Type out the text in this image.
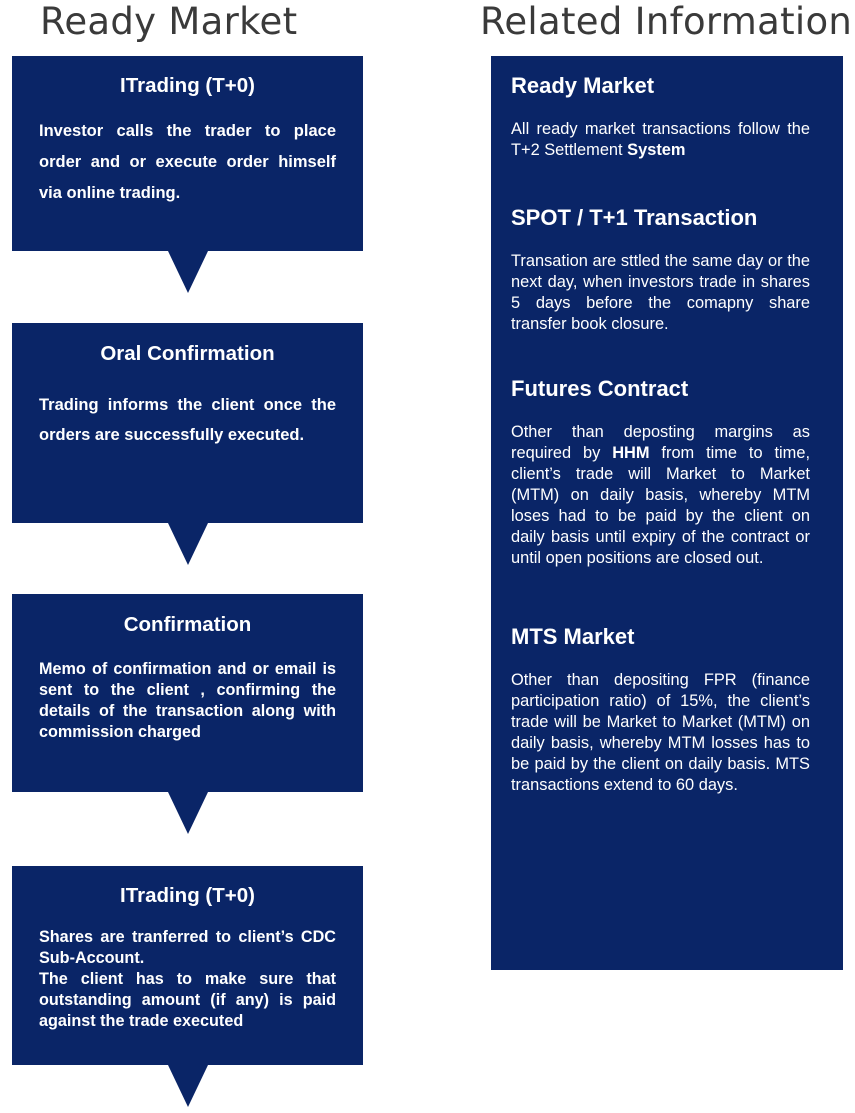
Ready Market	Related Information

ITrading (T+0)

Investor calls the trader to place order and or execute order himself via online trading.

Oral Confirmation

Trading informs the client once the orders are successfully executed.

Confirmation

Memo of confirmation and or email is sent to the client , confirming the details of the transaction along with commission charged

ITrading (T+0)

Shares are tranferred to client’s CDC Sub-Account.
The client has to make sure that outstanding amount (if any) is paid against the trade executed

Ready Market

All ready market transactions follow the T+2 Settlement System

SPOT / T+1 Transaction

Transation are sttled the same day or the next day, when investors trade in shares 5 days before the comapny share transfer book closure.

Futures Contract

Other than deposting margins as required by HHM from time to time, client’s trade will Market to Market (MTM) on daily basis, whereby MTM loses had to be paid by the client on daily basis until expiry of the contract or until open positions are closed out.

MTS Market

Other than depositing FPR (finance participation ratio) of 15%, the client’s trade will be Market to Market (MTM) on daily basis, whereby MTM losses has to be paid by the client on daily basis. MTS transactions extend to 60 days.
